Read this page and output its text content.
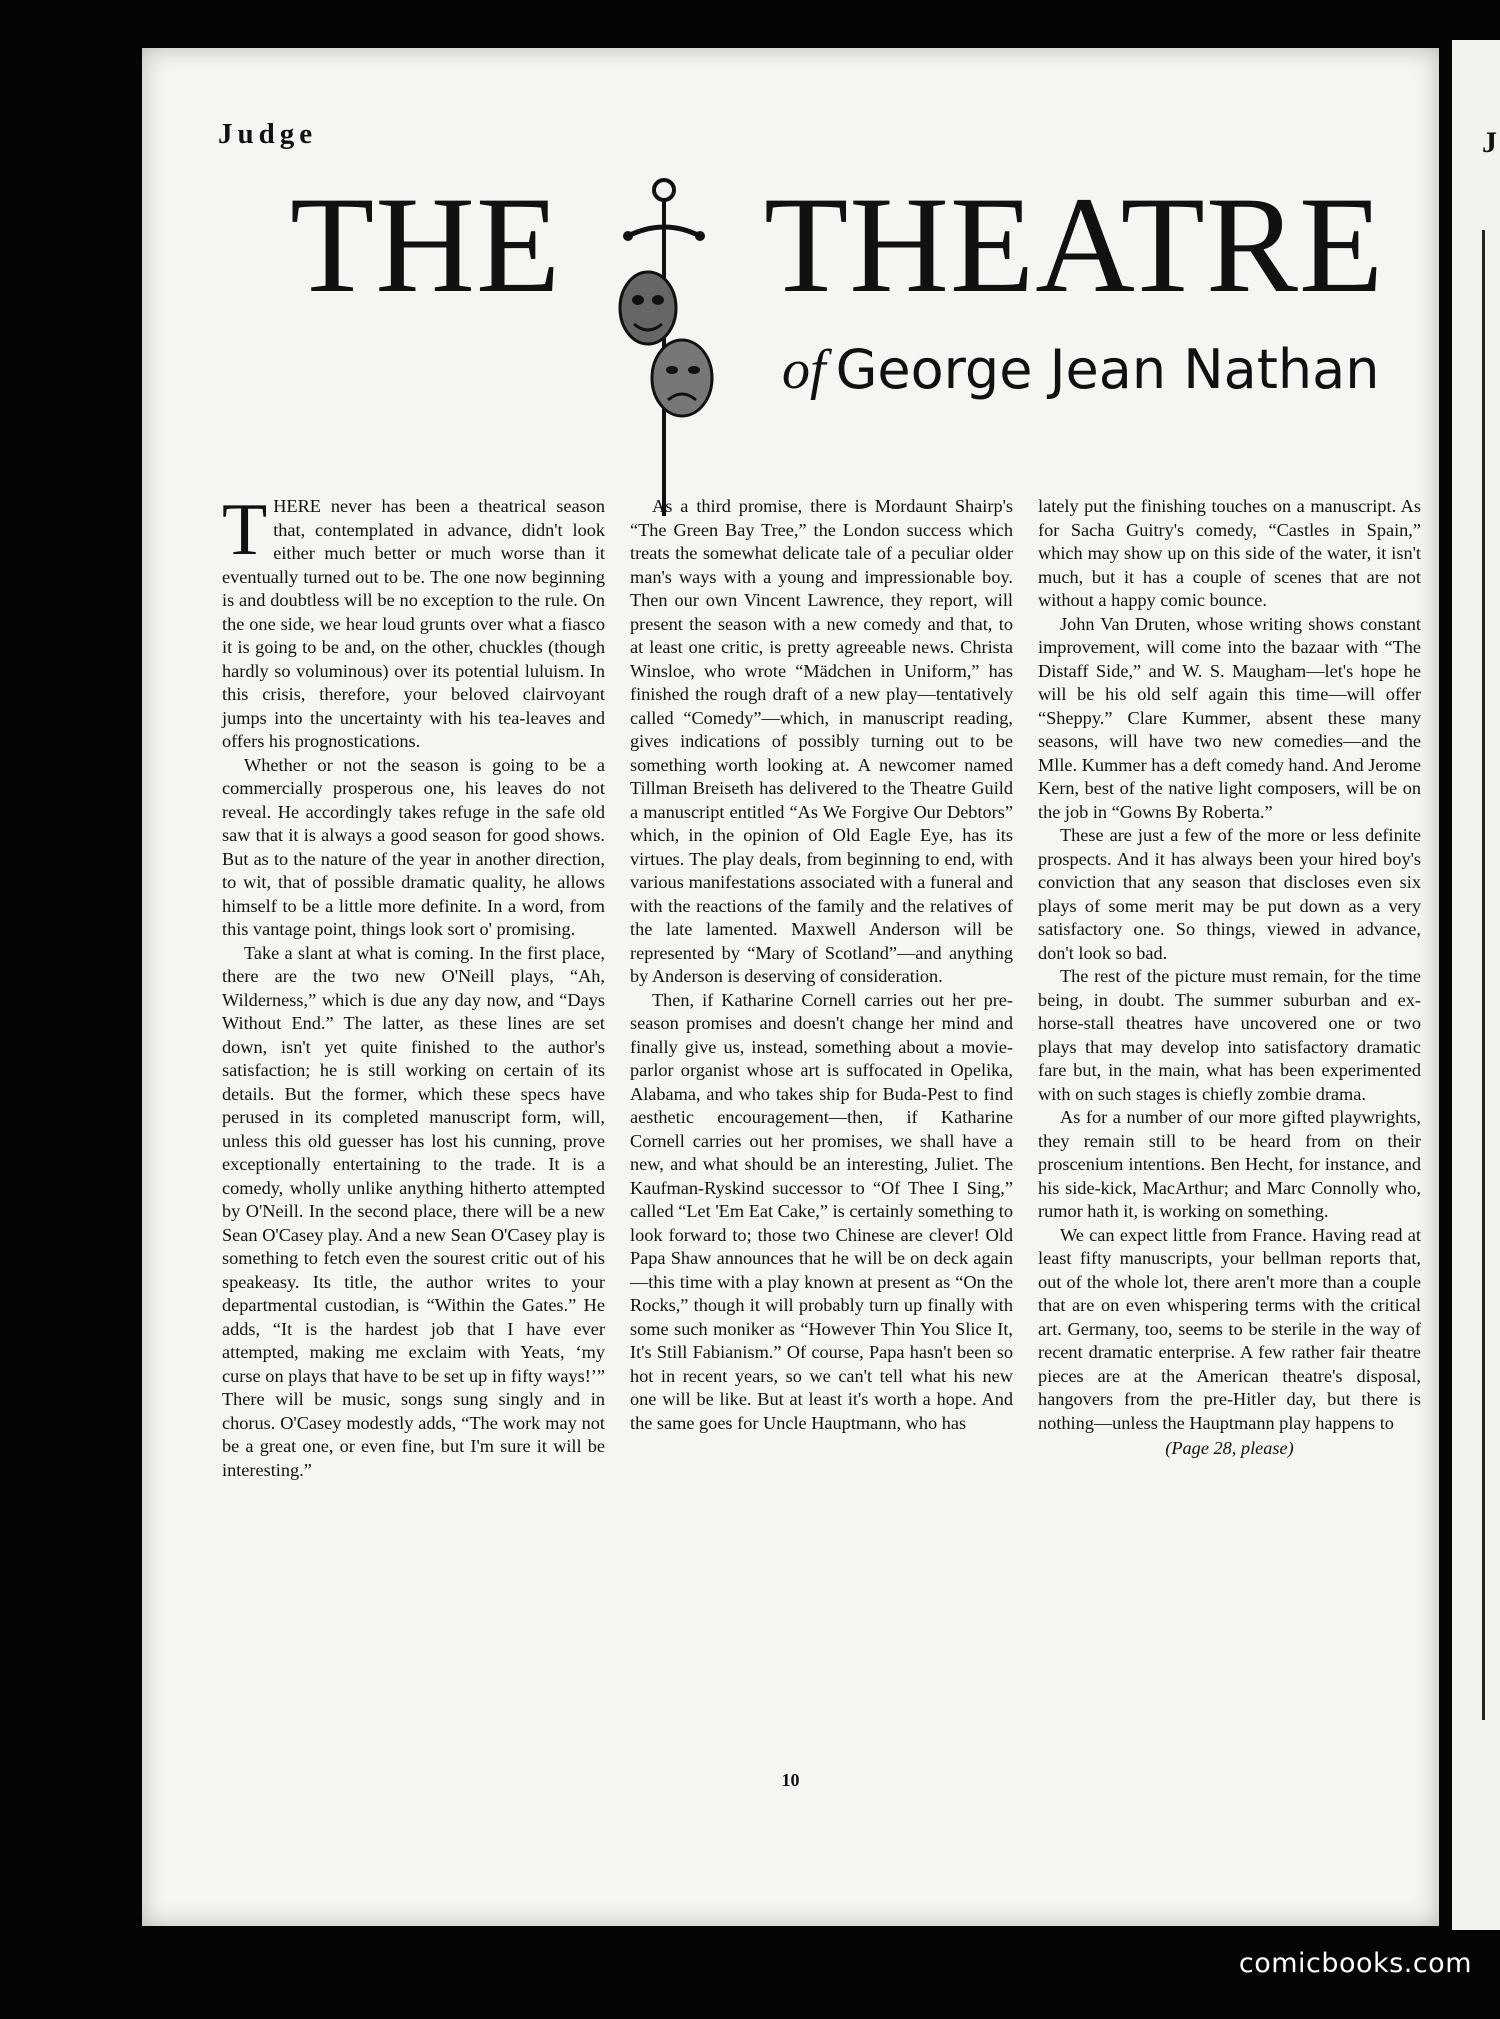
Judge
THE THEATRE
of George Jean Nathan

THERE never has been a theatrical season that, contemplated in advance, didn't look either much better or much worse than it eventually turned out to be. The one now beginning is and doubtless will be no exception to the rule. On the one side, we hear loud grunts over what a fiasco it is going to be and, on the other, chuckles (though hardly so voluminous) over its potential luluism. In this crisis, therefore, your beloved clairvoyant jumps into the uncertainty with his tea-leaves and offers his prognostications.

Whether or not the season is going to be a commercially prosperous one, his leaves do not reveal. He accordingly takes refuge in the safe old saw that it is always a good season for good shows. But as to the nature of the year in another direction, to wit, that of possible dramatic quality, he allows himself to be a little more definite. In a word, from this vantage point, things look sort o' promising.

Take a slant at what is coming. In the first place, there are the two new O'Neill plays, “Ah, Wilderness,” which is due any day now, and “Days Without End.” The latter, as these lines are set down, isn't yet quite finished to the author's satisfaction; he is still working on certain of its details. But the former, which these specs have perused in its completed manuscript form, will, unless this old guesser has lost his cunning, prove exceptionally entertaining to the trade. It is a comedy, wholly unlike anything hitherto attempted by O'Neill. In the second place, there will be a new Sean O'Casey play. And a new Sean O'Casey play is something to fetch even the sourest critic out of his speakeasy. Its title, the author writes to your departmental custodian, is “Within the Gates.” He adds, “It is the hardest job that I have ever attempted, making me exclaim with Yeats, ‘my curse on plays that have to be set up in fifty ways!’” There will be music, songs sung singly and in chorus. O'Casey modestly adds, “The work may not be a great one, or even fine, but I'm sure it will be interesting.”

As a third promise, there is Mordaunt Shairp's “The Green Bay Tree,” the London success which treats the somewhat delicate tale of a peculiar older man's ways with a young and impressionable boy. Then our own Vincent Lawrence, they report, will present the season with a new comedy and that, to at least one critic, is pretty agreeable news. Christa Winsloe, who wrote “Mädchen in Uniform,” has finished the rough draft of a new play—tentatively called “Comedy”—which, in manuscript reading, gives indications of possibly turning out to be something worth looking at. A newcomer named Tillman Breiseth has delivered to the Theatre Guild a manuscript entitled “As We Forgive Our Debtors” which, in the opinion of Old Eagle Eye, has its virtues. The play deals, from beginning to end, with various manifestations associated with a funeral and with the reactions of the family and the relatives of the late lamented. Maxwell Anderson will be represented by “Mary of Scotland”—and anything by Anderson is deserving of consideration.

Then, if Katharine Cornell carries out her pre-season promises and doesn't change her mind and finally give us, instead, something about a movie-parlor organist whose art is suffocated in Opelika, Alabama, and who takes ship for Buda-Pest to find aesthetic encouragement—then, if Katharine Cornell carries out her promises, we shall have a new, and what should be an interesting, Juliet. The Kaufman-Ryskind successor to “Of Thee I Sing,” called “Let 'Em Eat Cake,” is certainly something to look forward to; those two Chinese are clever! Old Papa Shaw announces that he will be on deck again—this time with a play known at present as “On the Rocks,” though it will probably turn up finally with some such moniker as “However Thin You Slice It, It's Still Fabianism.” Of course, Papa hasn't been so hot in recent years, so we can't tell what his new one will be like. But at least it's worth a hope. And the same goes for Uncle Hauptmann, who has

lately put the finishing touches on a manuscript. As for Sacha Guitry's comedy, “Castles in Spain,” which may show up on this side of the water, it isn't much, but it has a couple of scenes that are not without a happy comic bounce.

John Van Druten, whose writing shows constant improvement, will come into the bazaar with “The Distaff Side,” and W. S. Maugham—let's hope he will be his old self again this time—will offer “Sheppy.” Clare Kummer, absent these many seasons, will have two new comedies—and the Mlle. Kummer has a deft comedy hand. And Jerome Kern, best of the native light composers, will be on the job in “Gowns By Roberta.”

These are just a few of the more or less definite prospects. And it has always been your hired boy's conviction that any season that discloses even six plays of some merit may be put down as a very satisfactory one. So things, viewed in advance, don't look so bad.

The rest of the picture must remain, for the time being, in doubt. The summer suburban and ex-horse-stall theatres have uncovered one or two plays that may develop into satisfactory dramatic fare but, in the main, what has been experimented with on such stages is chiefly zombie drama.

As for a number of our more gifted playwrights, they remain still to be heard from on their proscenium intentions. Ben Hecht, for instance, and his side-kick, MacArthur; and Marc Connolly who, rumor hath it, is working on something.

We can expect little from France. Having read at least fifty manuscripts, your bellman reports that, out of the whole lot, there aren't more than a couple that are on even whispering terms with the critical art. Germany, too, seems to be sterile in the way of recent dramatic enterprise. A few rather fair theatre pieces are at the American theatre's disposal, hangovers from the pre-Hitler day, but there is nothing—unless the Hauptmann play happens to

(Page 28, please)
10
J
comicbooks.com
